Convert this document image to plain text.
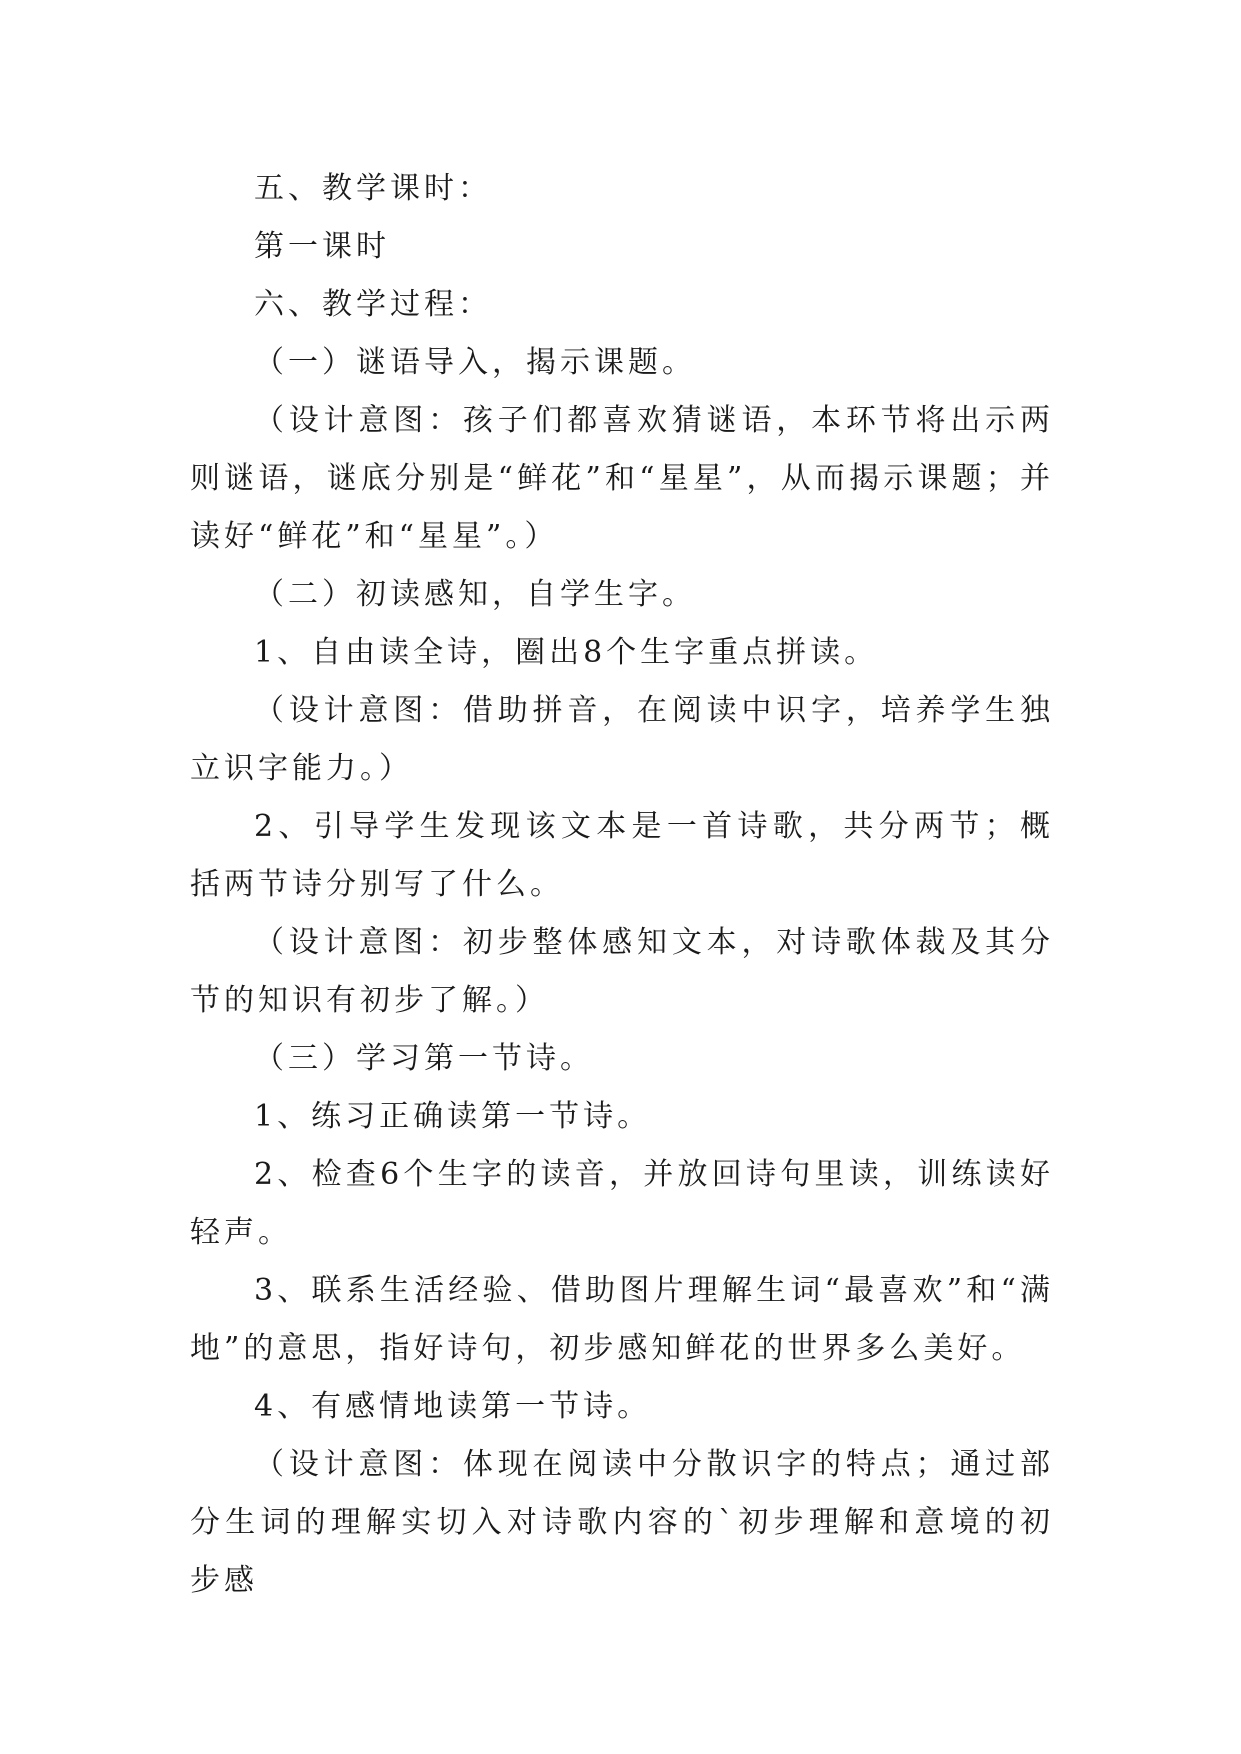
五、教学课时：

第一课时

六、教学过程：

（一）谜语导入，揭示课题。

（设计意图：孩子们都喜欢猜谜语，本环节将出示两则谜语，谜底分别是“鲜花”和“星星”，从而揭示课题；并读好“鲜花”和“星星”。）

（二）初读感知，自学生字。

1、自由读全诗，圈出8个生字重点拼读。

（设计意图：借助拼音，在阅读中识字，培养学生独立识字能力。）

2、引导学生发现该文本是一首诗歌，共分两节；概括两节诗分别写了什么。

（设计意图：初步整体感知文本，对诗歌体裁及其分节的知识有初步了解。）

（三）学习第一节诗。

1、练习正确读第一节诗。

2、检查6个生字的读音，并放回诗句里读，训练读好轻声。

3、联系生活经验、借助图片理解生词“最喜欢”和“满地”的意思，指好诗句，初步感知鲜花的世界多么美好。

4、有感情地读第一节诗。

（设计意图：体现在阅读中分散识字的特点；通过部分生词的理解实切入对诗歌内容的`初步理解和意境的初步感
